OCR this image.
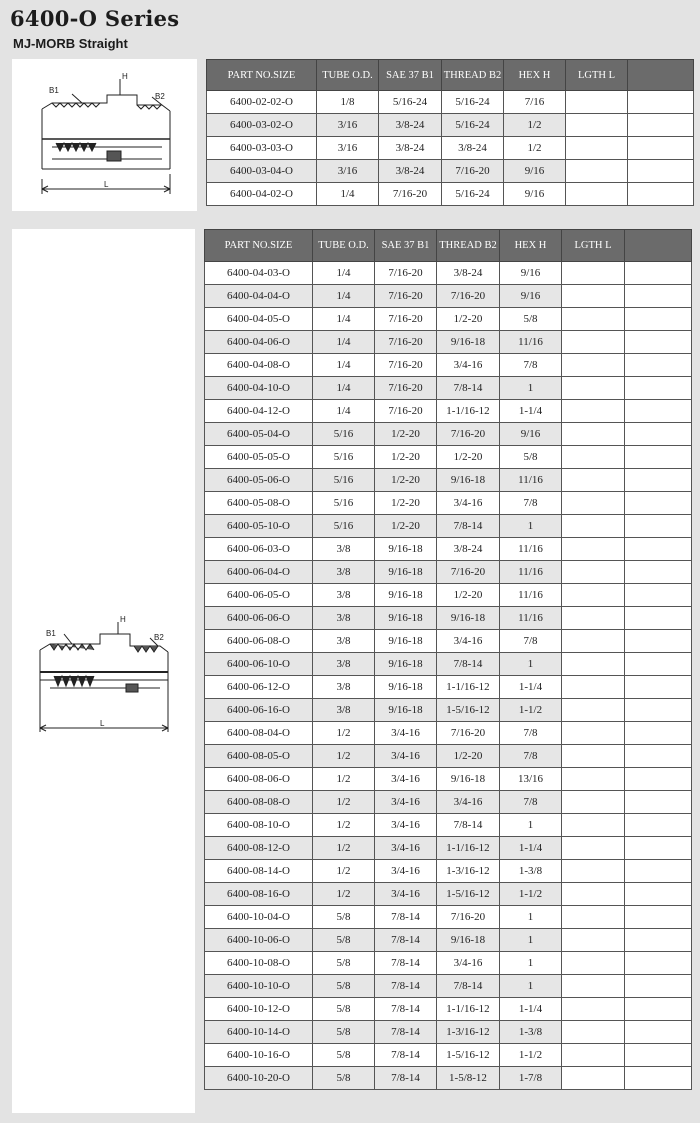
6400-O Series
MJ-MORB Straight
B1
H
B2
L
PART NO.SIZE	TUBE O.D.	SAE 37 B1	THREAD B2	HEX H	LGTH L	
6400-02-02-O	1/8	5/16-24	5/16-24	7/16		
6400-03-02-O	3/16	3/8-24	5/16-24	1/2		
6400-03-03-O	3/16	3/8-24	3/8-24	1/2		
6400-03-04-O	3/16	3/8-24	7/16-20	9/16		
6400-04-02-O	1/4	7/16-20	5/16-24	9/16		
B1
H
B2
L
PART NO.SIZE	TUBE O.D.	SAE 37 B1	THREAD B2	HEX H	LGTH L	
6400-04-03-O	1/4	7/16-20	3/8-24	9/16		
6400-04-04-O	1/4	7/16-20	7/16-20	9/16		
6400-04-05-O	1/4	7/16-20	1/2-20	5/8		
6400-04-06-O	1/4	7/16-20	9/16-18	11/16		
6400-04-08-O	1/4	7/16-20	3/4-16	7/8		
6400-04-10-O	1/4	7/16-20	7/8-14	1		
6400-04-12-O	1/4	7/16-20	1-1/16-12	1-1/4		
6400-05-04-O	5/16	1/2-20	7/16-20	9/16		
6400-05-05-O	5/16	1/2-20	1/2-20	5/8		
6400-05-06-O	5/16	1/2-20	9/16-18	11/16		
6400-05-08-O	5/16	1/2-20	3/4-16	7/8		
6400-05-10-O	5/16	1/2-20	7/8-14	1		
6400-06-03-O	3/8	9/16-18	3/8-24	11/16		
6400-06-04-O	3/8	9/16-18	7/16-20	11/16		
6400-06-05-O	3/8	9/16-18	1/2-20	11/16		
6400-06-06-O	3/8	9/16-18	9/16-18	11/16		
6400-06-08-O	3/8	9/16-18	3/4-16	7/8		
6400-06-10-O	3/8	9/16-18	7/8-14	1		
6400-06-12-O	3/8	9/16-18	1-1/16-12	1-1/4		
6400-06-16-O	3/8	9/16-18	1-5/16-12	1-1/2		
6400-08-04-O	1/2	3/4-16	7/16-20	7/8		
6400-08-05-O	1/2	3/4-16	1/2-20	7/8		
6400-08-06-O	1/2	3/4-16	9/16-18	13/16		
6400-08-08-O	1/2	3/4-16	3/4-16	7/8		
6400-08-10-O	1/2	3/4-16	7/8-14	1		
6400-08-12-O	1/2	3/4-16	1-1/16-12	1-1/4		
6400-08-14-O	1/2	3/4-16	1-3/16-12	1-3/8		
6400-08-16-O	1/2	3/4-16	1-5/16-12	1-1/2		
6400-10-04-O	5/8	7/8-14	7/16-20	1		
6400-10-06-O	5/8	7/8-14	9/16-18	1		
6400-10-08-O	5/8	7/8-14	3/4-16	1		
6400-10-10-O	5/8	7/8-14	7/8-14	1		
6400-10-12-O	5/8	7/8-14	1-1/16-12	1-1/4		
6400-10-14-O	5/8	7/8-14	1-3/16-12	1-3/8		
6400-10-16-O	5/8	7/8-14	1-5/16-12	1-1/2		
6400-10-20-O	5/8	7/8-14	1-5/8-12	1-7/8		
